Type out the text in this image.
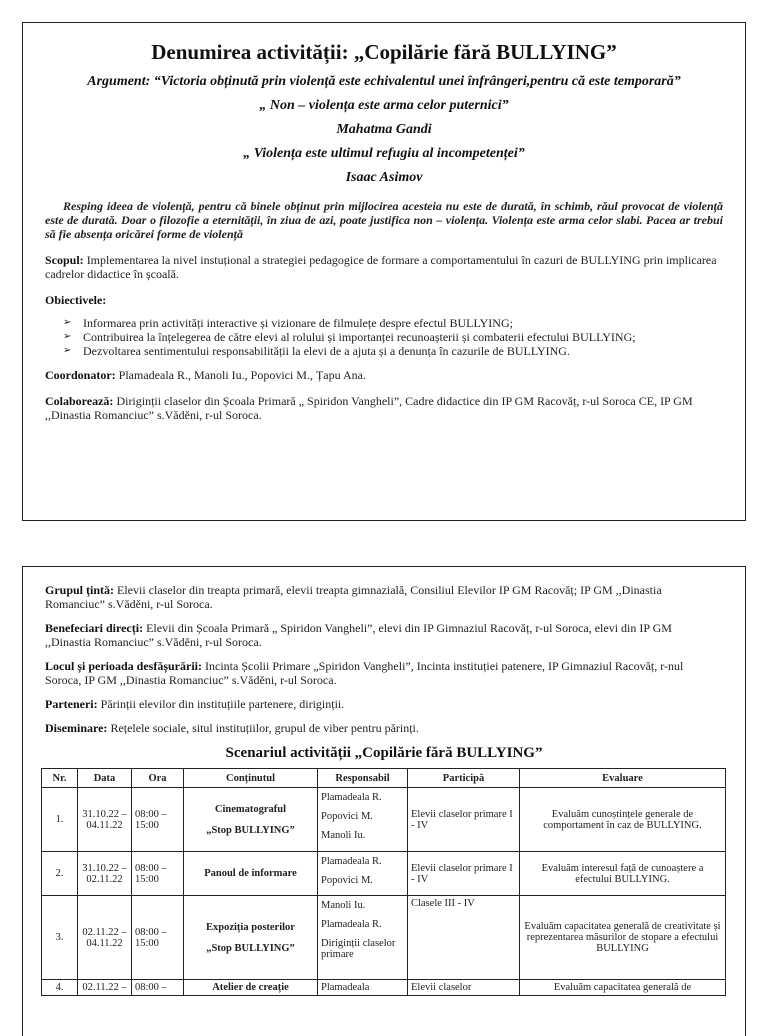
Denumirea activității: „Copilărie fără BULLYING”
Argument: “Victoria obținută prin violență este echivalentul unei înfrângeri,pentru că este temporară”
„ Non – violența este arma celor puternici”
Mahatma Gandi
„ Violența este ultimul refugiu al incompetenței”
Isaac Asimov
Resping ideea de violență, pentru că binele obținut prin mijlocirea acesteia nu este de durată, în schimb, răul provocat de violență este de durată. Doar o filozofie a eternității, în ziua de azi, poate justifica non – violența. Violența este arma celor slabi. Pacea ar trebui să fie absența oricărei forme de violență
Scopul: Implementarea la nivel instuțional a strategiei pedagogice de formare a comportamentului în cazuri de BULLYING prin implicarea cadrelor didactice în școală.
Obiectivele:
➢ Informarea prin activități interactive și vizionare de filmulețe despre efectul BULLYING;
➢ Contribuirea la înțelegerea de către elevi al rolului și importanței recunoașterii și combaterii efectului BULLYING;
➢ Dezvoltarea sentimentului responsabilității la elevi de a ajuta și a denunța în cazurile de BULLYING.
Coordonator: Plamadeala R., Manoli Iu., Popovici M., Țapu Ana.
Colaborează: Diriginții claselor din Școala Primară „ Spiridon Vangheli”, Cadre didactice din IP GM Racovăț, r-ul Soroca CE, IP GM ,,Dinastia Romanciuc” s.Văděni, r-ul Soroca.
Grupul țintă: Elevii claselor din treapta primară, elevii treapta gimnazială, Consiliul Elevilor IP GM Racovăț; IP GM ,,Dinastia Romanciuc” s.Văděni, r-ul Soroca.
Benefeciari direcți: Elevii din Școala Primară „ Spiridon Vangheli”, elevi din IP Gimnaziul Racovăț, r-ul Soroca, elevi din IP GM ,,Dinastia Romanciuc” s.Văděni, r-ul Soroca.
Locul și perioada desfășurării: Incinta Școlii Primare „Spiridon Vangheli”, Incinta instituției patenere, IP Gimnaziul Racovăț, r-nul Soroca, IP GM ,,Dinastia Romanciuc” s.Văděni, r-ul Soroca.
Parteneri: Părinții elevilor din instituțiile partenere, diriginții.
Diseminare: Rețelele sociale, situl instituțiilor, grupul de viber pentru părinți.
Scenariul activității „Copilărie fără BULLYING”
Nr.	Data	Ora	Conținutul	Responsabil	Participă	Evaluare
1.	31.10.22 – 04.11.22	08:00 – 15:00	Cinematograful
„Stop BULLYING”	Plamadeala R.
Popovici M.
Manoli Iu.	Elevii claselor primare I - IV	Evaluăm cunoștințele generale de comportament în caz de BULLYING.
2.	31.10.22 – 02.11.22	08:00 – 15:00	Panoul de informare	Plamadeala R.
Popovici M.	Elevii claselor primare I - IV	Evaluăm interesul față de cunoaștere a efectului BULLYING.
3.	02.11.22 – 04.11.22	08:00 – 15:00	Expoziția posterilor
„Stop BULLYING”	Manoli Iu.
Plamadeala R.
Diriginții claselor primare	Clasele III - IV	Evaluăm capacitatea generală de creativitate și reprezentarea măsurilor de stopare a efectului BULLYING
4.	02.11.22 –	08:00 –	Atelier de creație	Plamadeala	Elevii claselor	Evaluăm capacitatea generală de
